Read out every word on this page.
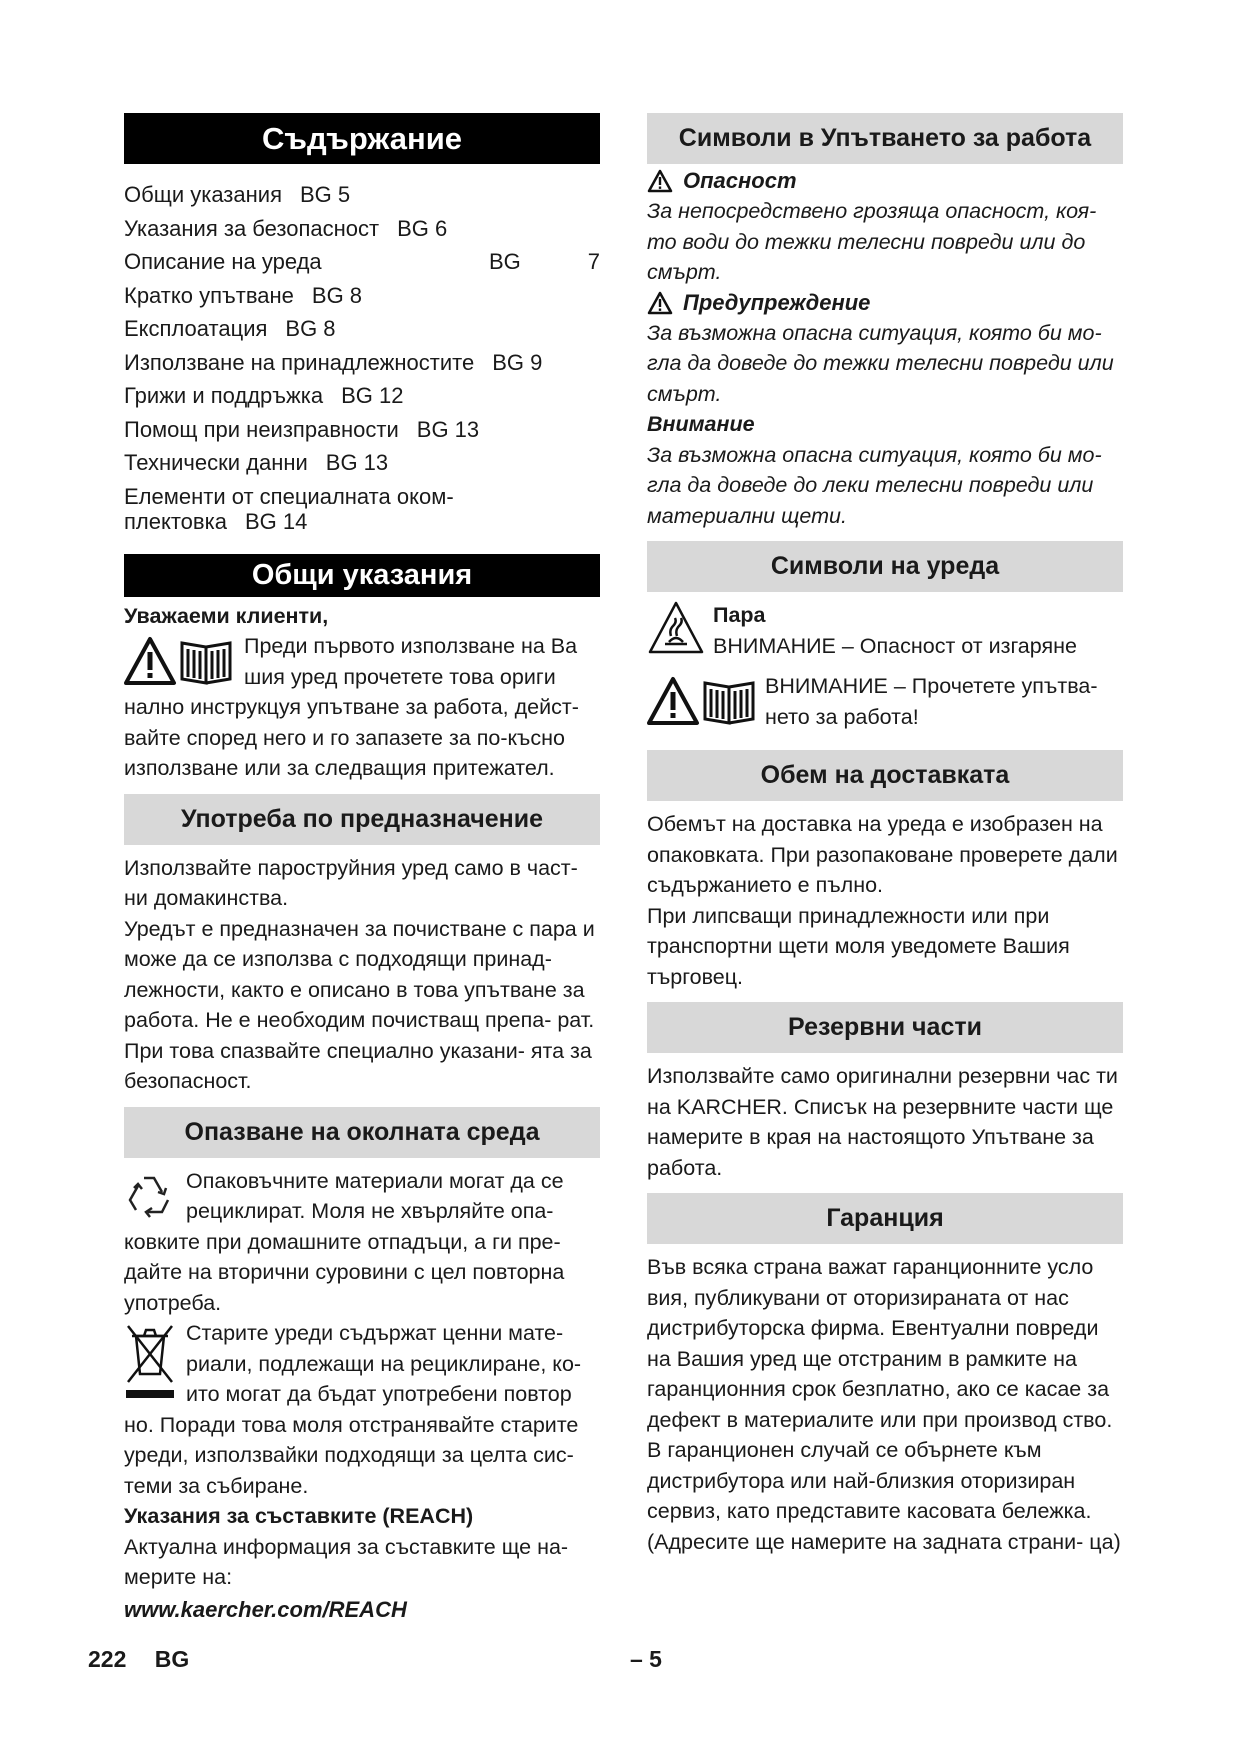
Съдържание
Общи указания BG 5
Указания за безопасност BG 6
Описание на уреда	BG	7
Кратко упътване BG 8
Експлоатация BG 8
Използване на принадлежностите BG 9
Грижи и поддръжка BG 12
Помощ при неизправности BG 13
Технически данни BG 13
Елементи от специалната оком-
плектовка BG 14
Общи указания

Уважаеми клиенти,

Преди първото използване на Ва шия уред прочетете това ориги нално инструкцуя упътване за работа, дейст- вайте според него и го запазете за по-късно използване или за следващия притежател.

Употреба по предназначение

Използвайте пароструйния уред само в част- ни домакинства.

Уредът е предназначен за почистване с пара и може да се използва с подходящи принад- лежности, както е описано в това упътване за работа. Не е необходим почистващ препа- рат. При това спазвайте специално указани- ята за безопасност.

Опазване на околната среда

Опаковъчните материали могат да се рециклират. Моля не хвърляйте опа- ковките при домашните отпадъци, а ги пре- дайте на вторични суровини с цел повторна употреба.

Старите уреди съдържат ценни мате- риали, подлежащи на рециклиране, ко- ито могат да бъдат употребени повтор но. Поради това моля отстранявайте старите уреди, използвайки подходящи за целта сис- теми за събиране.

Указания за съставките (REACH)

Актуална информация за съставките ще на- мерите на:

www.kaercher.com/REACH

Символи в Упътването за работа
Опасност

За непосредствено грозяща опасност, коя- то води до тежки телесни повреди или до смърт.

Предупреждение

За възможна опасна ситуация, която би мо- гла да доведе до тежки телесни повреди или смърт.

Внимание

За възможна опасна ситуация, която би мо- гла да доведе до леки телесни повреди или материални щети.

Символи на уреда

Пара

ВНИМАНИЕ – Опасност от изгаряне

ВНИМАНИЕ – Прочетете упътва- нето за работа!

Обем на доставката

Обемът на доставка на уреда е изобразен на опаковката. При разопаковане проверете дали съдържанието е пълно.

При липсващи принадлежности или при транспортни щети моля уведомете Вашия търговец.

Резервни части

Използвайте само оригинални резервни час ти на KARCHER. Списък на резервните части ще намерите в края на настоящото Упътване за работа.

Гаранция

Във всяка страна важат гаранционните усло вия, публикувани от оторизираната от нас дистрибуторска фирма. Евентуални повреди на Вашия уред ще отстраним в рамките на гаранционния срок безплатно, ако се касае за дефект в материалите или при производ ство. В гаранционен случай се обърнете към дистрибутора или най-близкия оторизиран сервиз, като представите касовата бележка. (Адресите ще намерите на задната страни- ца)

222 BG	– 5
